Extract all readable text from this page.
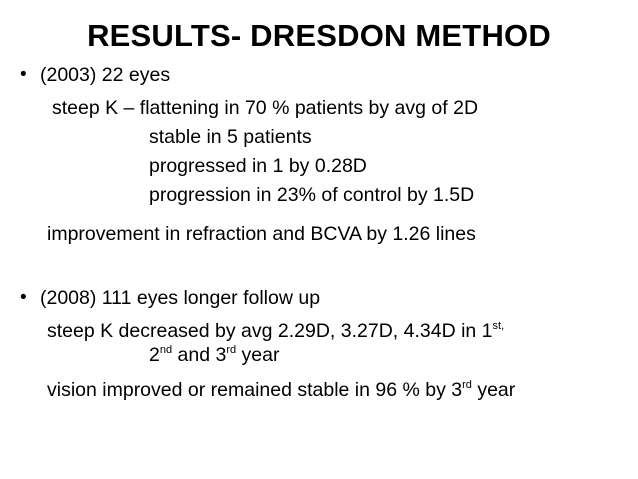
RESULTS- DRESDON METHOD
• (2003) 22 eyes
steep K – flattening in 70 % patients by avg of 2D
stable in 5 patients
progressed in 1 by 0.28D
progression in 23% of control by 1.5D
improvement in refraction and BCVA by 1.26 lines
• (2008) 111 eyes longer follow up
steep K decreased by avg 2.29D, 3.27D, 4.34D in $1^{st,}$
2nd and 3rd year
vision improved or remained stable in 96 % by 3rd year
